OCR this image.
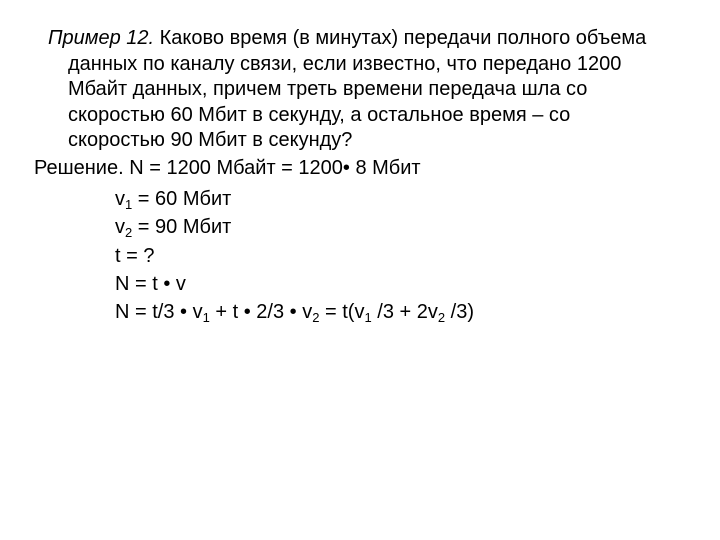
Пример 12. Каково время (в минутах) передачи полного объема
данных по каналу связи, если известно, что передано 1200
Мбайт данных, причем треть времени передача шла со
скоростью 60 Мбит в секунду, а остальное время – со
скоростью 90 Мбит в секунду?
Решение. N = 1200 Мбайт = 1200• 8 Мбит
$v_1 = 60$ Мбит
$v_2 = 90$ Мбит
t = ?
N = t • v
N = t/3 • $v_1 + t$ • 2/3 • $v_2 = t(v_1$ $/3 + 2v_2$ /3)
